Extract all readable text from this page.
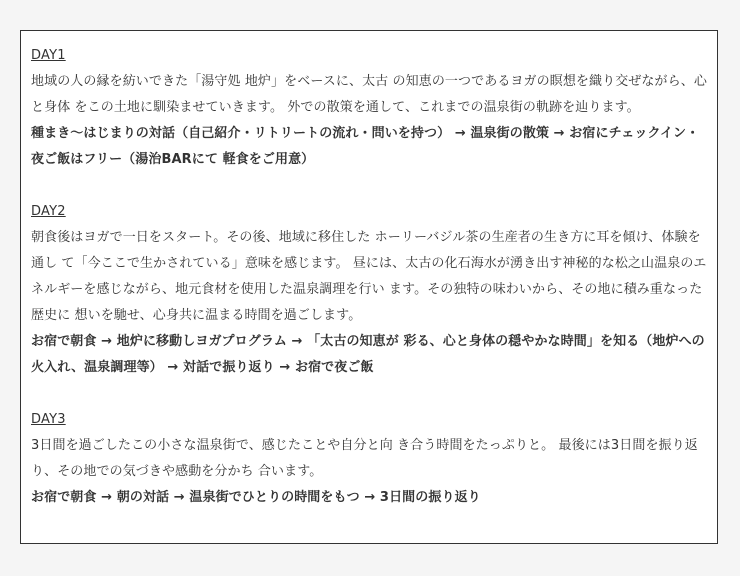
DAY1
地域の人の縁を紡いできた「湯守処 地炉」をベースに、太古 の知恵の一つであるヨガの瞑想を織り交ぜながら、心と身体 をこの土地に馴染ませていきます。 外での散策を通して、これまでの温泉街の軌跡を辿ります。
種まき〜はじまりの対話（自己紹介・リトリートの流れ・問いを持つ） → 温泉街の散策 → お宿にチェックイン・夜ご飯はフリー（湯治BARにて 軽食をご用意）
DAY2
朝食後はヨガで一日をスタート。その後、地域に移住した ホーリーバジル茶の生産者の生き方に耳を傾け、体験を通し て「今ここで生かされている」意味を感じます。 昼には、太古の化石海水が湧き出す神秘的な松之山温泉のエ ネルギーを感じながら、地元食材を使用した温泉調理を行い ます。その独特の味わいから、その地に積み重なった歴史に 想いを馳せ、心身共に温まる時間を過ごします。
お宿で朝食 → 地炉に移動しヨガプログラム → 「太古の知恵が 彩る、心と身体の穏やかな時間」を知る（地炉への火入れ、温泉調理等） → 対話で振り返り → お宿で夜ご飯
DAY3
3日間を過ごしたこの小さな温泉街で、感じたことや自分と向 き合う時間をたっぷりと。 最後には3日間を振り返り、その地での気づきや感動を分かち 合います。
お宿で朝食 → 朝の対話 → 温泉街でひとりの時間をもつ → 3日間の振り返り
